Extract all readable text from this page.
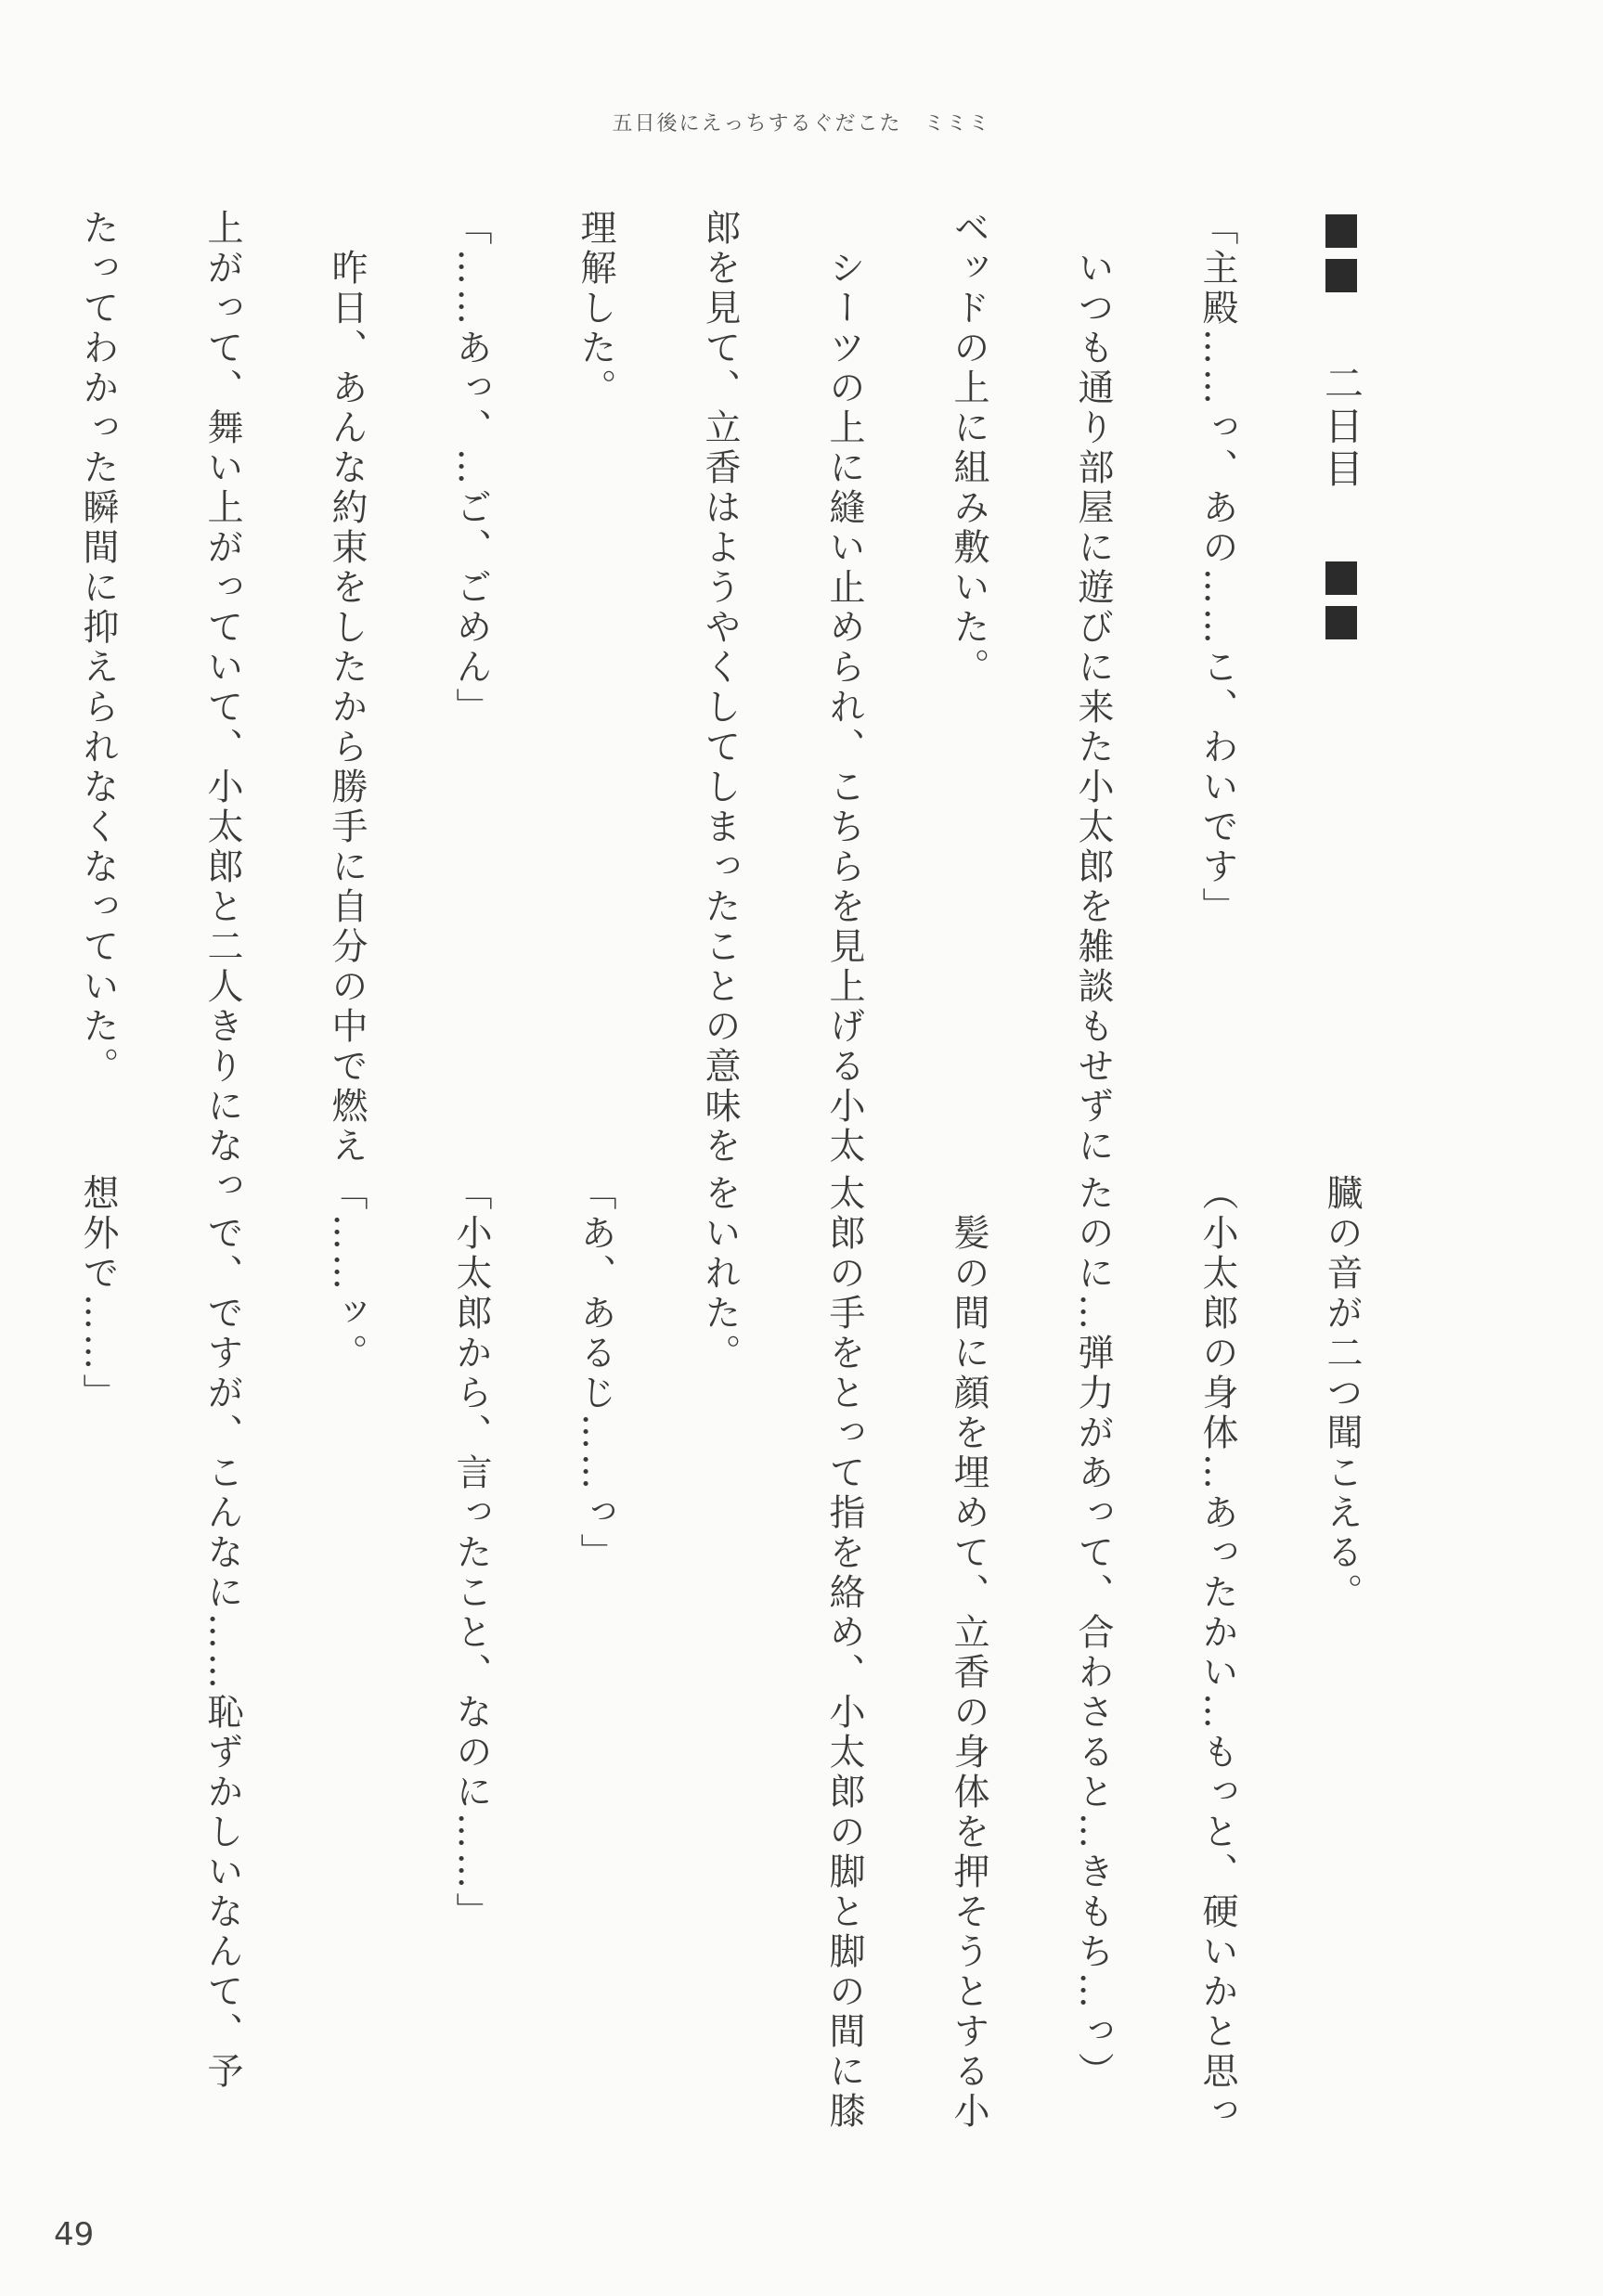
五日後にえっちするぐだこた　ミミミ
二日目
「主殿……っ、あの……こ、わいです」
　いつも通り部屋に遊びに来た小太郎を雑談もせずに
ベッドの上に組み敷いた。
　シーツの上に縫い止められ、こちらを見上げる小太
郎を見て、立香はようやくしてしまったことの意味を
理解した。
「……あっ、…ご、ごめん」
　昨日、あんな約束をしたから勝手に自分の中で燃え
上がって、舞い上がっていて、小太郎と二人きりになっ
たってわかった瞬間に抑えられなくなっていた。
臓の音が二つ聞こえる。
（小太郎の身体…あったかい…もっと、硬いかと思っ
たのに…弾力があって、合わさると…きもち…っ）
　髪の間に顔を埋めて、立香の身体を押そうとする小
太郎の手をとって指を絡め、小太郎の脚と脚の間に膝
をいれた。
「あ、あるじ……っ」
「小太郎から、言ったこと、なのに……」
「……ッ。
　で、ですが、こんなに……恥ずかしいなんて、予
想外で……」
49
